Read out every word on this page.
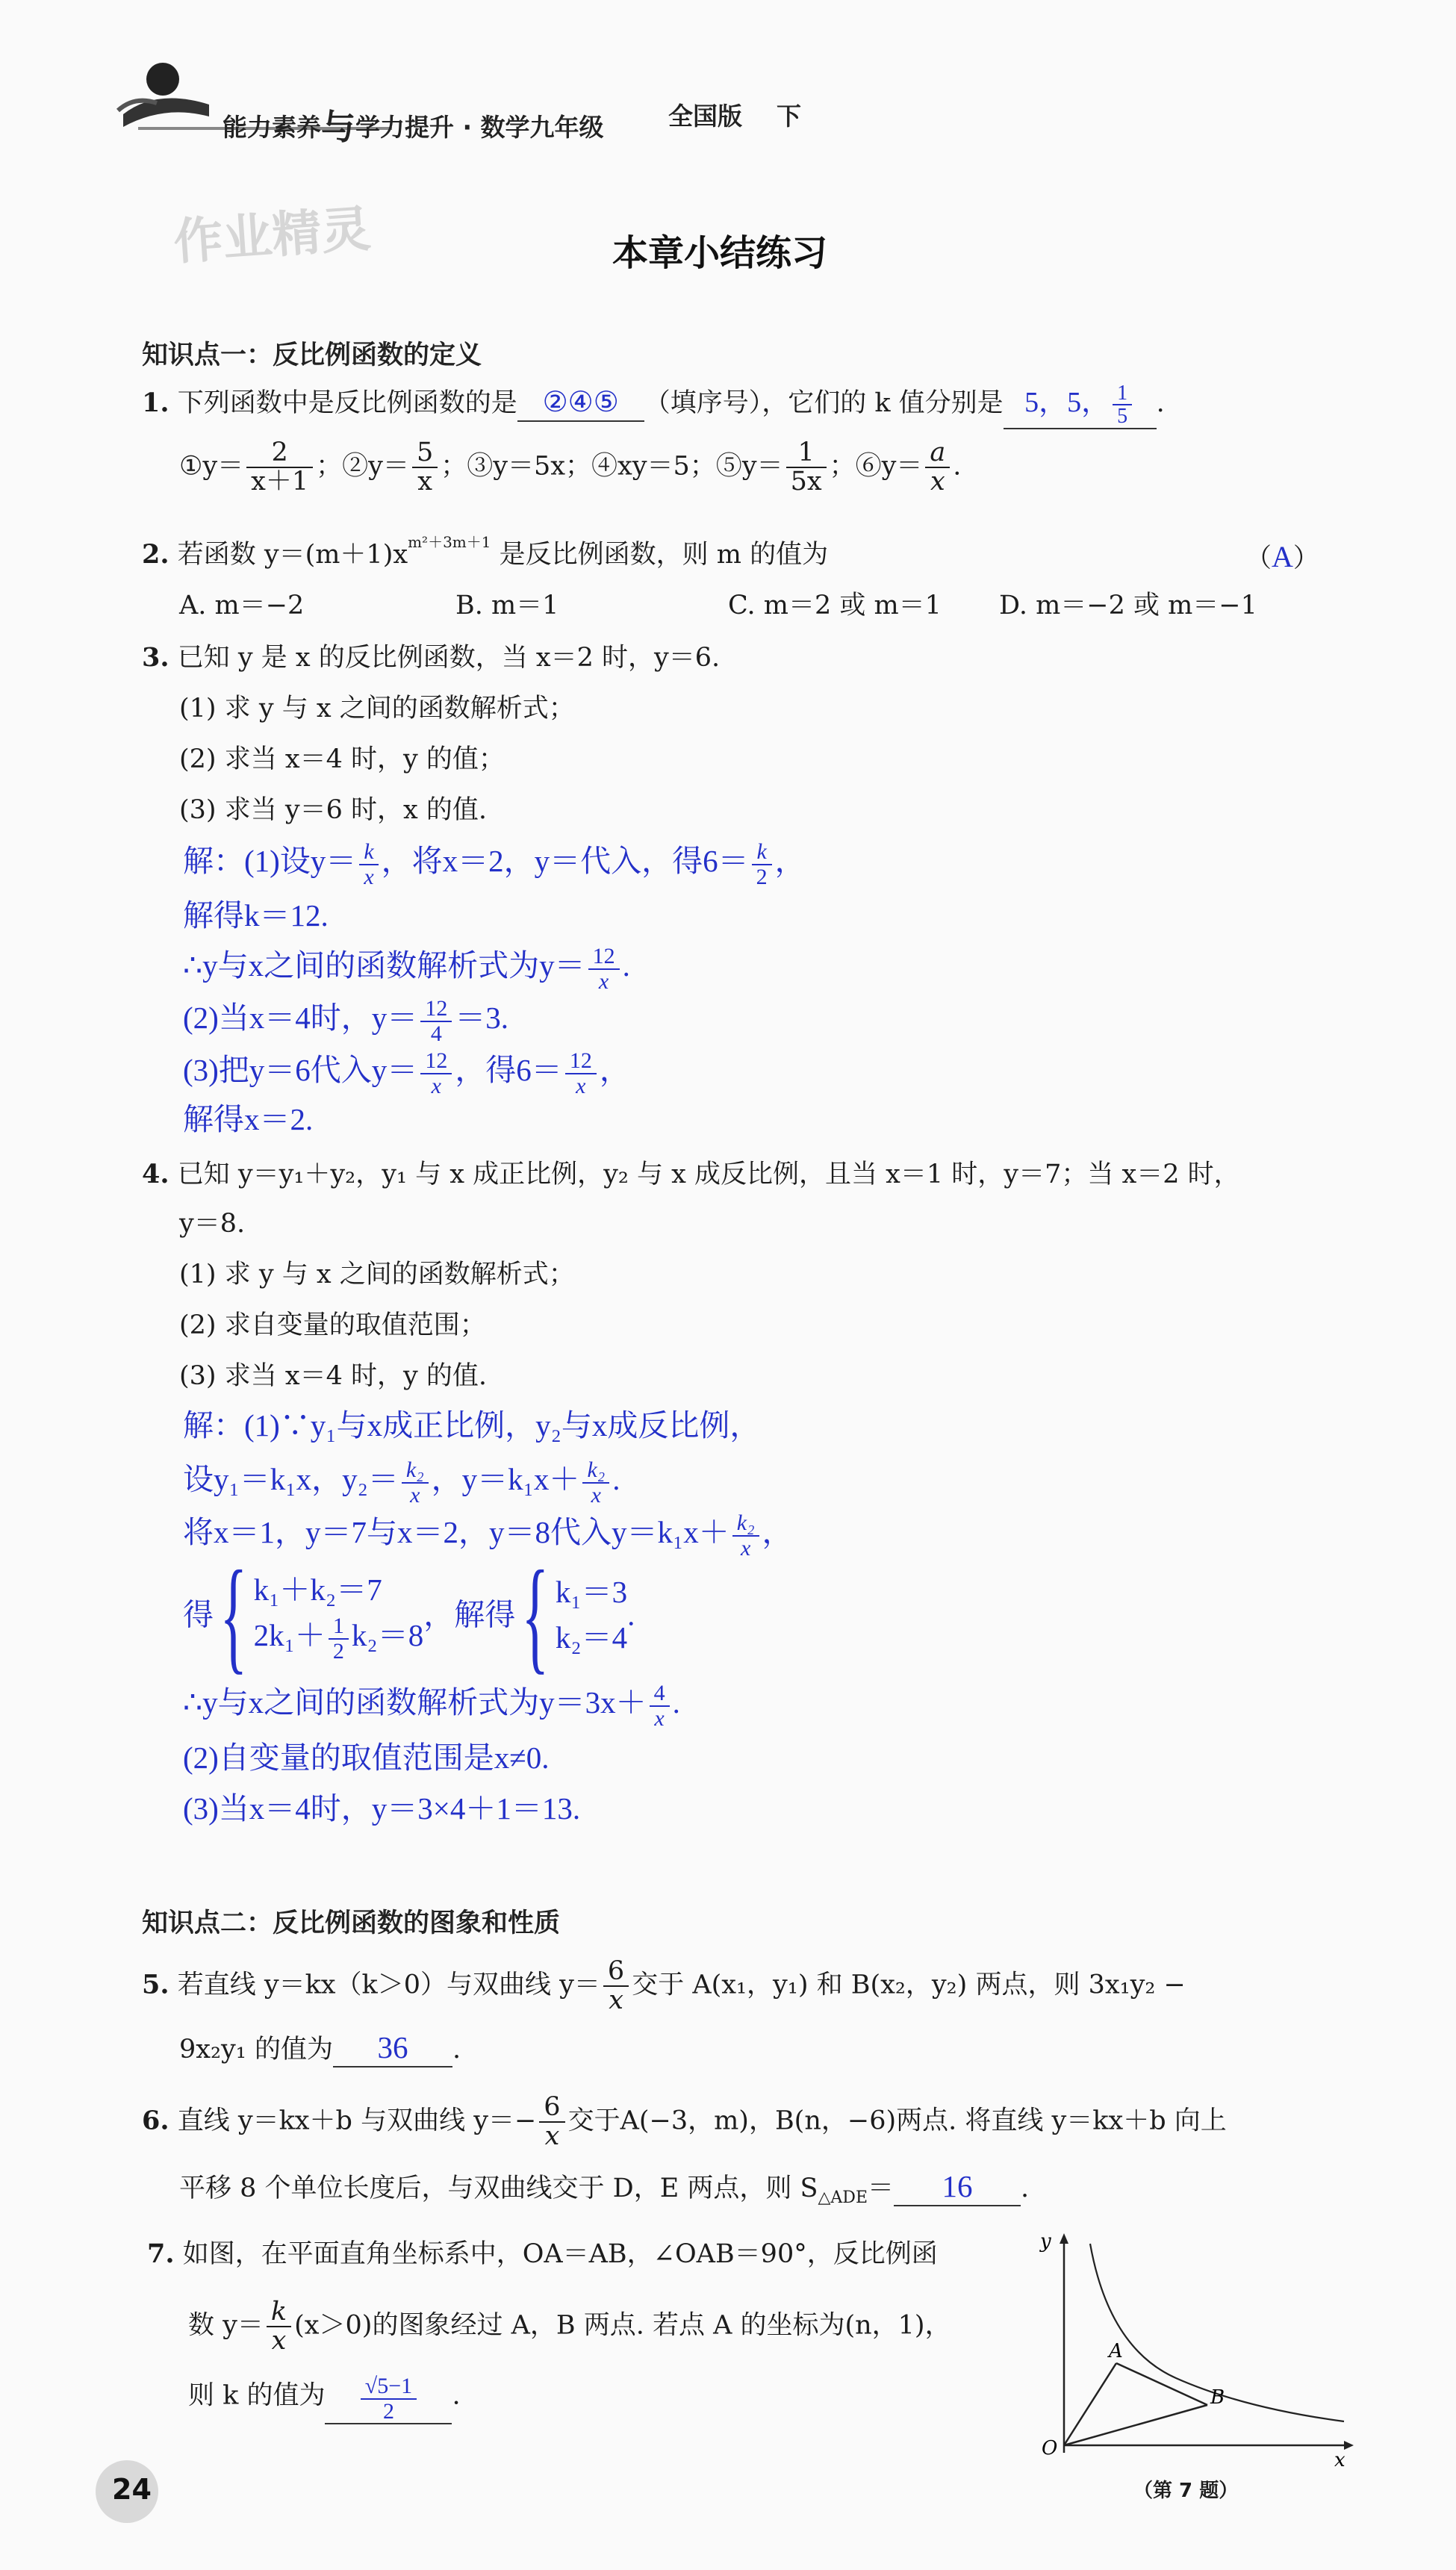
能力素养与学力提升 · 数学九年级	全国版 下
作业精灵	本章小结练习
知识点一：反比例函数的定义
1. 下列函数中是反比例函数的是 ②④⑤ （填序号），它们的 k 值分别是 5，5， $\frac{1}{5}$ .
①y＝ $\frac{2}{x+1}$ ；②y＝ $\frac{5}{x}$ ；③y＝5x；④xy＝5；⑤y＝ $\frac{1}{5x}$ ；⑥y＝ $\frac{a}{x}$ .
2. 若函数 $y=(m+1)x^{m^2+3m+1}$ 是反比例函数，则 m 的值为	（A）
A. m＝−2	B. m＝1	C. m＝2 或 m＝1 D. m＝−2 或 m＝−1
3. 已知 y 是 x 的反比例函数，当 x＝2 时，y＝6.
(1) 求 y 与 x 之间的函数解析式；
(2) 求当 x＝4 时，y 的值；
(3) 求当 y＝6 时，x 的值.
解：(1)设$y= \frac{k}{x}$，将x＝2，y＝代入，得$6= \frac{k}{2}$ ，
解得k＝12.
∴y与x之间的函数解析式为$y= \frac{12}{x}$.
(2)当x＝4时，$y= \frac{12}{4} =3$.
(3)把y＝6代入$y= \frac{12}{x}$，得$6= \frac{12}{x}$，
解得x＝2.
4. 已知 y＝y₁＋y₂，y₁ 与 x 成正比例，y₂ 与 x 成反比例，且当 x＝1 时，y＝7；当 x＝2 时，
y＝8.
(1) 求 y 与 x 之间的函数解析式；
(2) 求自变量的取值范围；
(3) 求当 x＝4 时，y 的值.
解：(1)∵y₁与x成正比例，y₂与x成反比例，
设y₁＝k₁x，$y_2= \frac{\text{k₂}}{x}$，$y=k_1x+ \frac{\text{k₂}}{x}$.
将x＝1，y＝7与x＝2，y＝8代入$y=k_1x+ \frac{\text{k₂}}{x}$，
得{ k₁＋k₂＝7
$2k_1+ \frac{1}{2} k_2=8$
，解得{ k₁＝3
k₂＝4
.
∴y与x之间的函数解析式为$y=3x+ \frac{4}{x}$.
(2)自变量的取值范围是x≠0.
(3)当x＝4时，y＝3×4＋1＝13.
知识点二：反比例函数的图象和性质
5. 若直线 y＝kx（k＞0）与双曲线 $y= \frac{6}{x}$ 交于 A(x₁，y₁) 和 B(x₂，y₂) 两点，则 3x₁y₂ −
9x₂y₁ 的值为 36 .
6. 直线 y＝kx＋b 与双曲线 $y=- \frac{6}{x}$ 交于A(−3，m)，B(n，−6)两点. 将直线 y＝kx＋b 向上
平移 8 个单位长度后，与双曲线交于 D，E 两点，则 $S_{\triangle ADE}= 16$ .
7. 如图，在平面直角坐标系中，OA＝AB，∠OAB＝90°，反比例函
数 $y= \frac{k}{x} (x>0)$的图象经过 A，B 两点. 若点 A 的坐标为(n，1)，
则 k 的值为 $\frac{√5-1}{2}$ .
y
x
O
A
B
（第 7 题）
24
